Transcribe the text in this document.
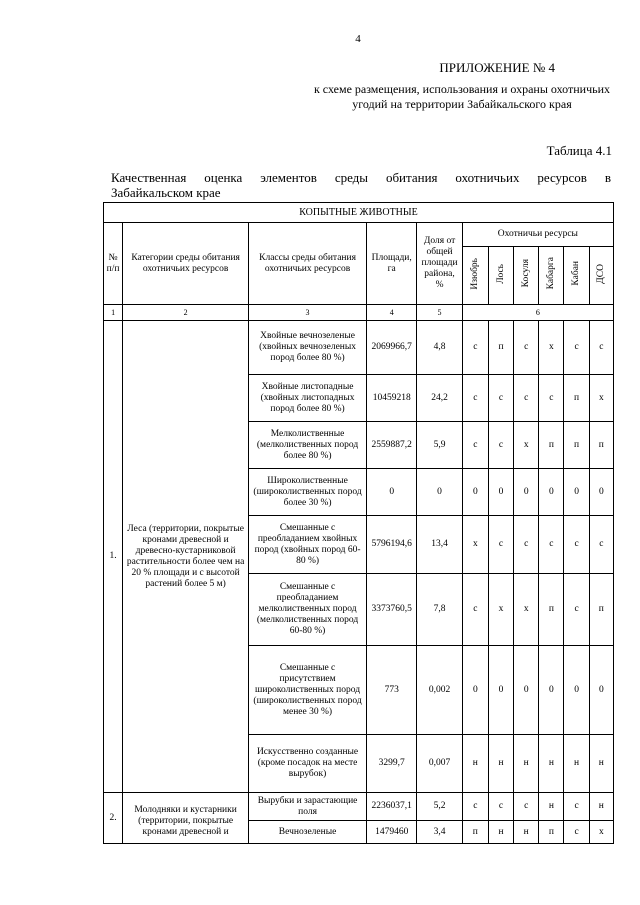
4
ПРИЛОЖЕНИЕ № 4
к схеме размещения, использования и охраны охотничьих угодий на территории Забайкальского края
Таблица 4.1
Качественная оценка элементов среды обитания охотничьих ресурсов в
Забайкальском крае
КОПЫТНЫЕ ЖИВОТНЫЕ										
№ п/п	Категории среды обитания охотничьих ресурсов	Классы среды обитания охотничьих ресурсов	Площади, га	Доля от общей площади района, %	Охотничьи ресурсы					
					Изюбрь	Лось	Косуля	Кабарга	Кабан	ДСО
1	2	3	4	5	6					
1.	Леса (территории, покрытые кронами древесной и древесно-кустарниковой растительности более чем на 20 % площади и с высотой растений более 5 м)	Хвойные вечнозеленые (хвойных вечнозеленых пород более 80 %)	2069966,7	4,8	с	п	с	х	с	с
		Хвойные листопадные (хвойных листопадных пород более 80 %)	10459218	24,2	с	с	с	с	п	х
		Мелколиственные (мелколиственных пород более 80 %)	2559887,2	5,9	с	с	х	п	п	п
		Широколиственные (широколиственных пород более 30 %)	0	0	0	0	0	0	0	0
		Смешанные с преобладанием хвойных пород (хвойных пород 60-80 %)	5796194,6	13,4	х	с	с	с	с	с
		Смешанные с преобладанием мелколиственных пород (мелколиственных пород 60-80 %)	3373760,5	7,8	с	х	х	п	с	п
		Смешанные с присутствием широколиственных пород (широколиственных пород менее 30 %)	773	0,002	0	0	0	0	0	0
		Искусственно созданные (кроме посадок на месте вырубок)	3299,7	0,007	н	н	н	н	н	н
2.	Молодняки и кустарники (территории, покрытые кронами древесной и	Вырубки и зарастающие поля	2236037,1	5,2	с	с	с	н	с	н
		Вечнозеленые	1479460	3,4	п	н	н	п	с	х
